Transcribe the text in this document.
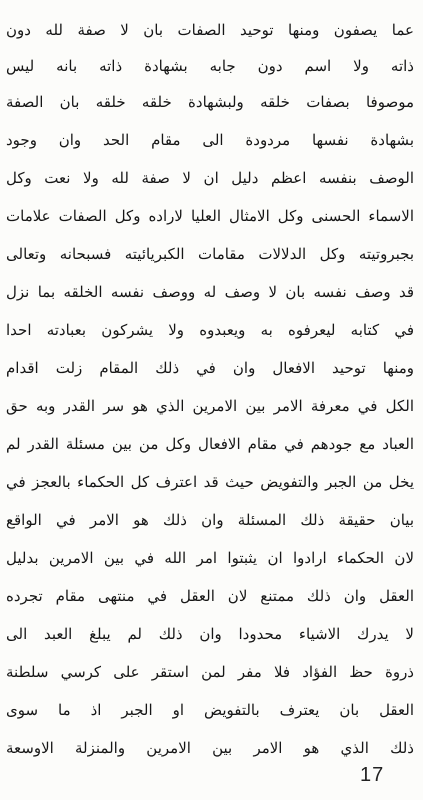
عما يصفون ومنها توحيد الصفات بان لا صفة لله دون
ذاته ولا اسم دون جابه بشهادة ذاته بانه ليس
موصوفا بصفات خلقه ولبشهادة خلقه خلقه بان الصفة
بشهادة نفسها مردودة الى مقام الحد وان وجود
الوصف بنفسه اعظم دليل ان لا صفة لله ولا نعت وكل
الاسماء الحسنى وكل الامثال العليا لاراده وكل الصفات علامات
بجبروتيته وكل الدلالات مقامات الكبريائيته فسبحانه وتعالى
قد وصف نفسه بان لا وصف له ووصف نفسه الخلقه بما نزل
في كتابه ليعرفوه به ويعبدوه ولا يشركون بعبادته احدا
ومنها توحيد الافعال وان في ذلك المقام زلت اقدام
الكل في معرفة الامر بين الامرين الذي هو سر القدر وبه حق
العباد مع جودهم في مقام الافعال وكل من بين مسئلة القدر لم
يخل من الجبر والتفويض حيث قد اعترف كل الحكماء بالعجز في
بيان حقيقة ذلك المسئلة وان ذلك هو الامر في الواقع
لان الحكماء ارادوا ان يثبتوا امر الله في بين الامرين بدليل
العقل وان ذلك ممتنع لان العقل في منتهى مقام تجرده
لا يدرك الاشياء محدودا وان ذلك لم يبلغ العبد الى
ذروة حظ الفؤاد فلا مفر لمن استقر على كرسي سلطنة
العقل بان يعترف بالتفويض او الجبر اذ ما سوى
ذلك الذي هو الامر بين الامرين والمنزلة الاوسعة
17
